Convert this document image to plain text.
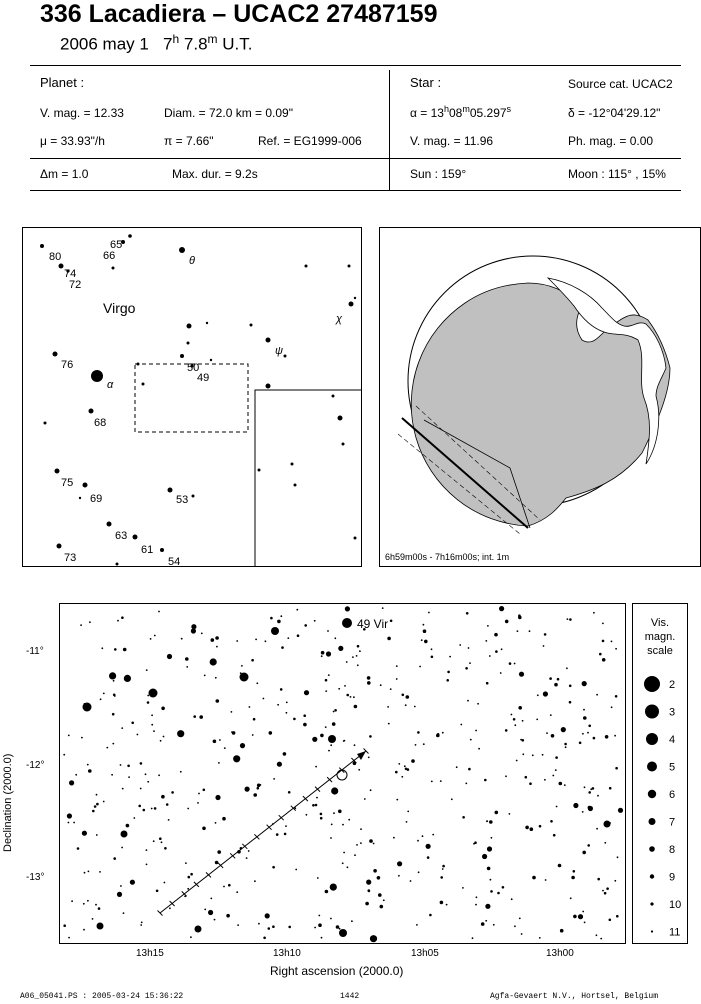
336 Lacadiera – UCAC2 27487159
2006 may 1 7$^h$ 7.8$^m$ U.T.
Planet :
V. mag. = 12.33	Diam. = 72.0 km = 0.09"
μ = 33.93"/h	π = 7.66"	Ref. = EG1999-006
Δm = 1.0	Max. dur. = 9.2s
Star :	Source cat. UCAC2
$\alpha = 13^h08^m05.297^s$	δ = -12°04'29.12"
V. mag. = 11.96	Ph. mag. = 0.00
Sun : 159°	Moon : 115° , 15%
Virgo
65
66
80
74
72
θ
χ
ψ
50
49
76
α
68
75
69	53
63
61
73	54	6h59m00s - 7h16m00s; int. 1m
Declination (2000.0)
49 Vir
-11°
-12°
-13°
13h15	13h10	13h05	13h00
Right ascension (2000.0)
Vis.
magn.
scale
2
3
4
5
6
7
8
9
10
11
A06_05041.PS : 2005-03-24 15:36:22	1442	Agfa-Gevaert N.V., Hortsel, Belgium
